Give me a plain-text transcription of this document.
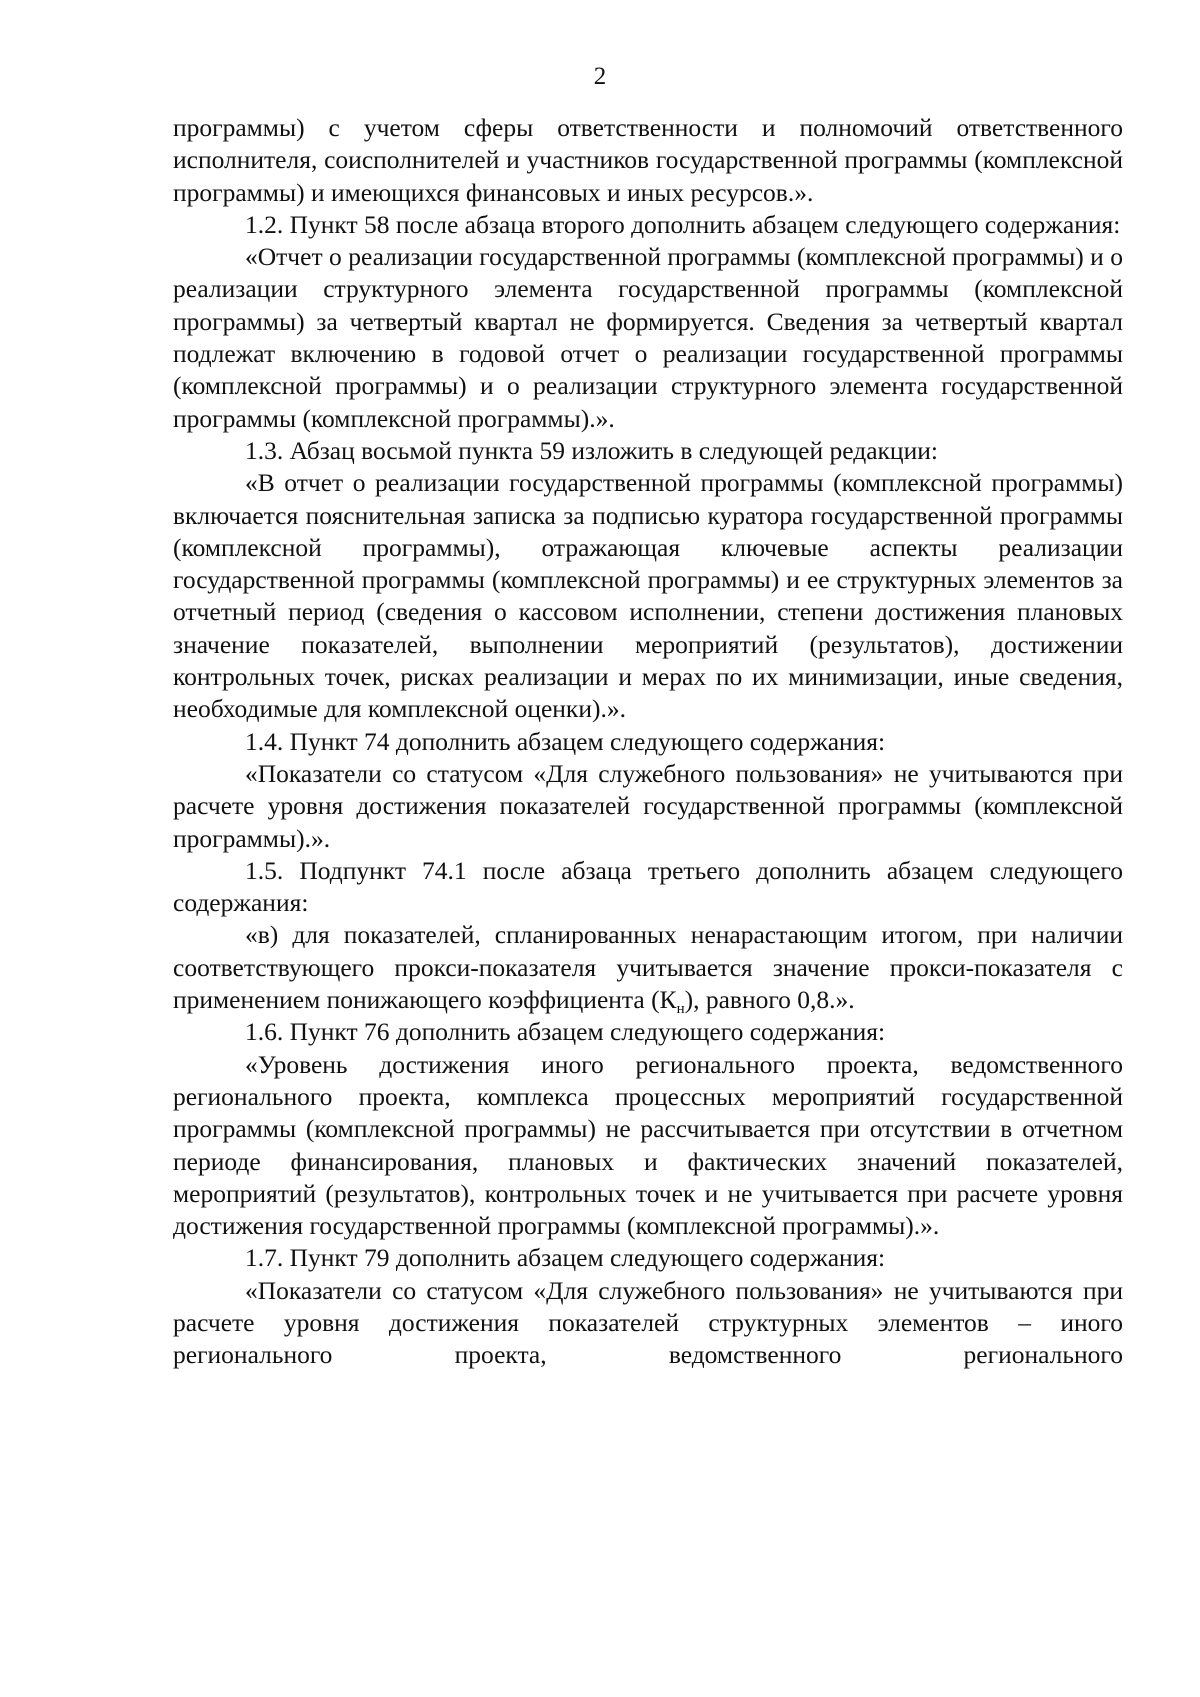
2

программы) с учетом сферы ответственности и полномочий ответственного исполнителя, соисполнителей и участников государственной программы (комплексной программы) и имеющихся финансовых и иных ресурсов.».

1.2. Пункт 58 после абзаца второго дополнить абзацем следующего содержания:

«Отчет о реализации государственной программы (комплексной программы) и о реализации структурного элемента государственной программы (комплексной программы) за четвертый квартал не формируется. Сведения за четвертый квартал подлежат включению в годовой отчет о реализации государственной программы (комплексной программы) и о реализации структурного элемента государственной программы (комплексной программы).».

1.3. Абзац восьмой пункта 59 изложить в следующей редакции:

«В отчет о реализации государственной программы (комплексной программы) включается пояснительная записка за подписью куратора государственной программы (комплексной программы), отражающая ключевые аспекты реализации государственной программы (комплексной программы) и ее структурных элементов за отчетный период (сведения о кассовом исполнении, степени достижения плановых значение показателей, выполнении мероприятий (результатов), достижении контрольных точек, рисках реализации и мерах по их минимизации, иные сведения, необходимые для комплексной оценки).».

1.4. Пункт 74 дополнить абзацем следующего содержания:

«Показатели со статусом «Для служебного пользования» не учитываются при расчете уровня достижения показателей государственной программы (комплексной программы).».

1.5. Подпункт 74.1 после абзаца третьего дополнить абзацем следующего содержания:

«в) для показателей, спланированных ненарастающим итогом, при наличии соответствующего прокси-показателя учитывается значение прокси-показателя с применением понижающего коэффициента $(К_н)$, равного 0,8.».

1.6. Пункт 76 дополнить абзацем следующего содержания:

«Уровень достижения иного регионального проекта, ведомственного регионального проекта, комплекса процессных мероприятий государственной программы (комплексной программы) не рассчитывается при отсутствии в отчетном периоде финансирования, плановых и фактических значений показателей, мероприятий (результатов), контрольных точек и не учитывается при расчете уровня достижения государственной программы (комплексной программы).».

1.7. Пункт 79 дополнить абзацем следующего содержания:

«Показатели со статусом «Для служебного пользования» не учитываются при расчете уровня достижения показателей структурных элементов – иного регионального проекта, ведомственного регионального
